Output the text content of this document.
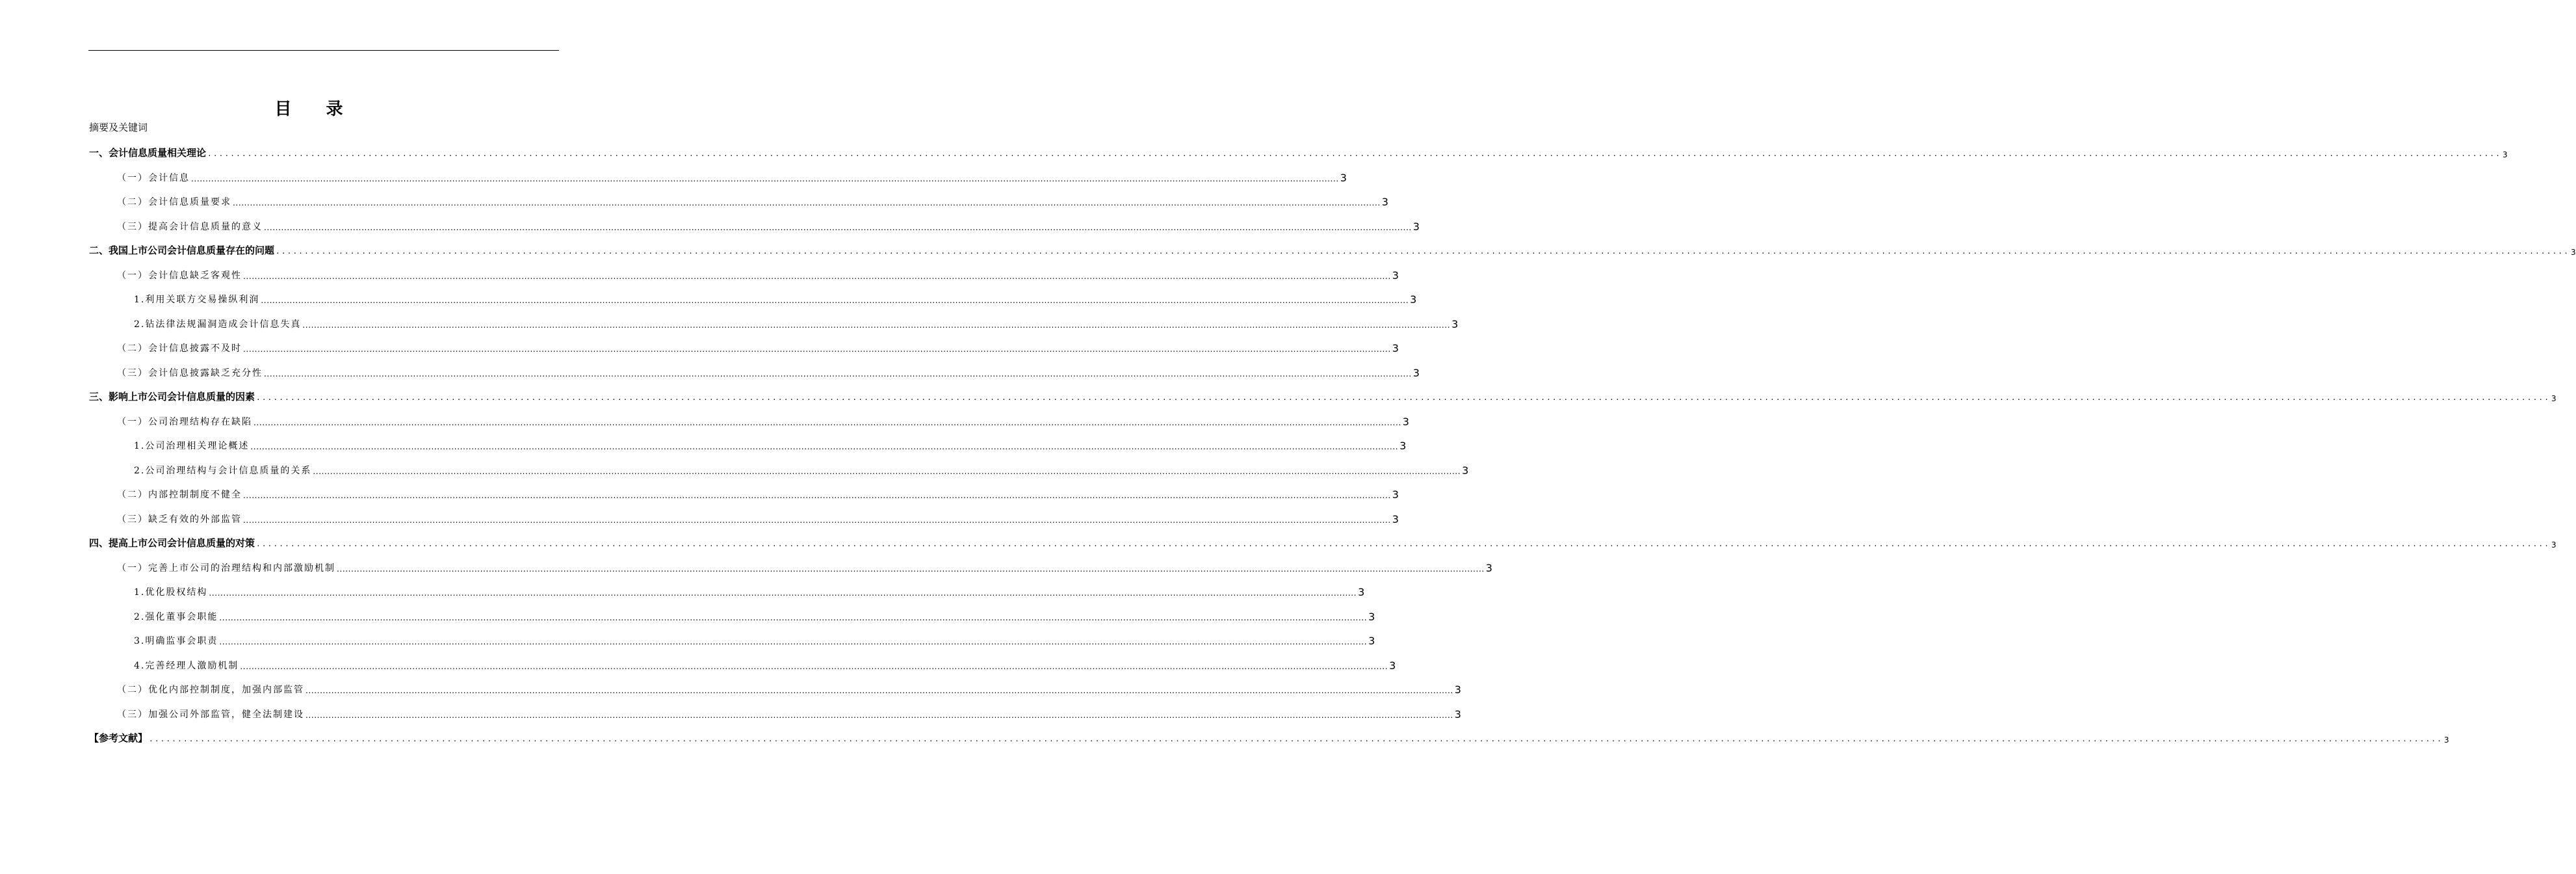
目 录
摘要及关键词
一、会计信息质量相关理论 ................................................................................................................................................................................................................................................................................................................................................................................................................ 3
（一）会计信息 ................................................................................................................................................................................................................................................................................................................................................................................................................ 3
（二）会计信息质量要求 ................................................................................................................................................................................................................................................................................................................................................................................................................ 3
（三）提高会计信息质量的意义 ................................................................................................................................................................................................................................................................................................................................................................................................................ 3
二、我国上市公司会计信息质量存在的问题 ................................................................................................................................................................................................................................................................................................................................................................................................................ 3
（一）会计信息缺乏客观性 ................................................................................................................................................................................................................................................................................................................................................................................................................ 3
1.利用关联方交易操纵利润 ................................................................................................................................................................................................................................................................................................................................................................................................................ 3
2.钻法律法规漏洞造成会计信息失真 ................................................................................................................................................................................................................................................................................................................................................................................................................ 3
（二）会计信息披露不及时 ................................................................................................................................................................................................................................................................................................................................................................................................................ 3
（三）会计信息披露缺乏充分性 ................................................................................................................................................................................................................................................................................................................................................................................................................ 3
三、影响上市公司会计信息质量的因素 ................................................................................................................................................................................................................................................................................................................................................................................................................ 3
（一）公司治理结构存在缺陷 ................................................................................................................................................................................................................................................................................................................................................................................................................ 3
1.公司治理相关理论概述 ................................................................................................................................................................................................................................................................................................................................................................................................................ 3
2.公司治理结构与会计信息质量的关系 ................................................................................................................................................................................................................................................................................................................................................................................................................ 3
（二）内部控制制度不健全 ................................................................................................................................................................................................................................................................................................................................................................................................................ 3
（三）缺乏有效的外部监管 ................................................................................................................................................................................................................................................................................................................................................................................................................ 3
四、提高上市公司会计信息质量的对策 ................................................................................................................................................................................................................................................................................................................................................................................................................ 3
（一）完善上市公司的治理结构和内部激励机制 ................................................................................................................................................................................................................................................................................................................................................................................................................ 3
1.优化股权结构 ................................................................................................................................................................................................................................................................................................................................................................................................................ 3
2.强化董事会职能 ................................................................................................................................................................................................................................................................................................................................................................................................................ 3
3.明确监事会职责 ................................................................................................................................................................................................................................................................................................................................................................................................................ 3
4.完善经理人激励机制 ................................................................................................................................................................................................................................................................................................................................................................................................................ 3
（二）优化内部控制制度，加强内部监管 ................................................................................................................................................................................................................................................................................................................................................................................................................ 3
（三）加强公司外部监管，健全法制建设 ................................................................................................................................................................................................................................................................................................................................................................................................................ 3
【参考文献】 ................................................................................................................................................................................................................................................................................................................................................................................................................ 3
